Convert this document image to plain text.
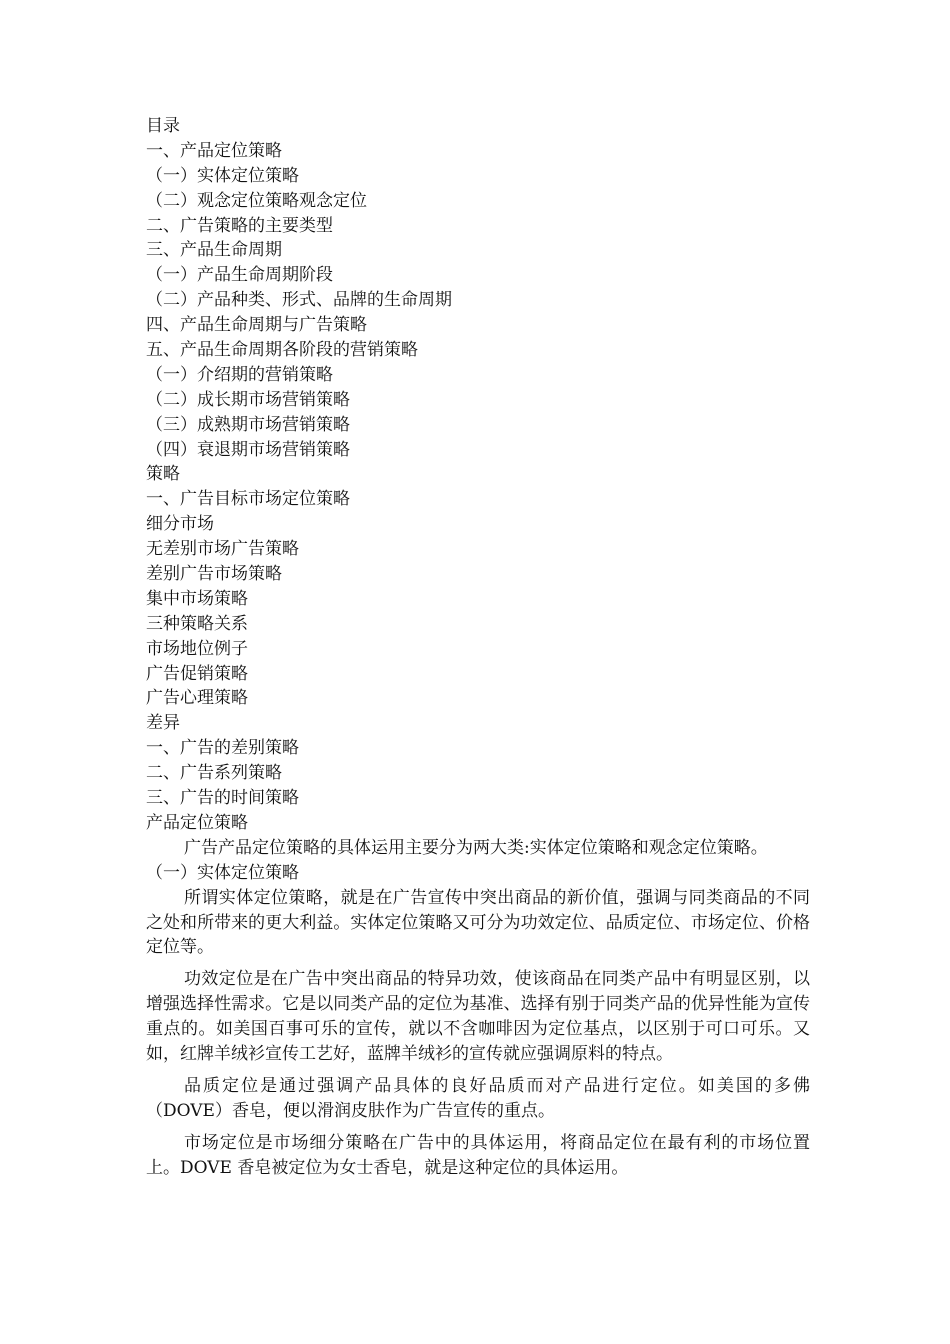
目录
一、产品定位策略
（一）实体定位策略
（二）观念定位策略观念定位
二、广告策略的主要类型
三、产品生命周期
（一）产品生命周期阶段
（二）产品种类、形式、品牌的生命周期
四、产品生命周期与广告策略
五、产品生命周期各阶段的营销策略
（一）介绍期的营销策略
（二）成长期市场营销策略
（三）成熟期市场营销策略
（四）衰退期市场营销策略
策略
一、广告目标市场定位策略
细分市场
无差别市场广告策略
差别广告市场策略
集中市场策略
三种策略关系
市场地位例子
广告促销策略
广告心理策略
差异
一、广告的差别策略
二、广告系列策略
三、广告的时间策略
产品定位策略

广告产品定位策略的具体运用主要分为两大类:实体定位策略和观念定位策略。

（一）实体定位策略

所谓实体定位策略，就是在广告宣传中突出商品的新价值，强调与同类商品的不同之处和所带来的更大利益。实体定位策略又可分为功效定位、品质定位、市场定位、价格定位等。

功效定位是在广告中突出商品的特异功效，使该商品在同类产品中有明显区别，以增强选择性需求。它是以同类产品的定位为基准、选择有别于同类产品的优异性能为宣传重点的。如美国百事可乐的宣传，就以不含咖啡因为定位基点，以区别于可口可乐。又如，红牌羊绒衫宣传工艺好，蓝牌羊绒衫的宣传就应强调原料的特点。

品质定位是通过强调产品具体的良好品质而对产品进行定位。如美国的多佛（DOVE）香皂，便以滑润皮肤作为广告宣传的重点。

市场定位是市场细分策略在广告中的具体运用，将商品定位在最有利的市场位置上。DOVE 香皂被定位为女士香皂，就是这种定位的具体运用。
